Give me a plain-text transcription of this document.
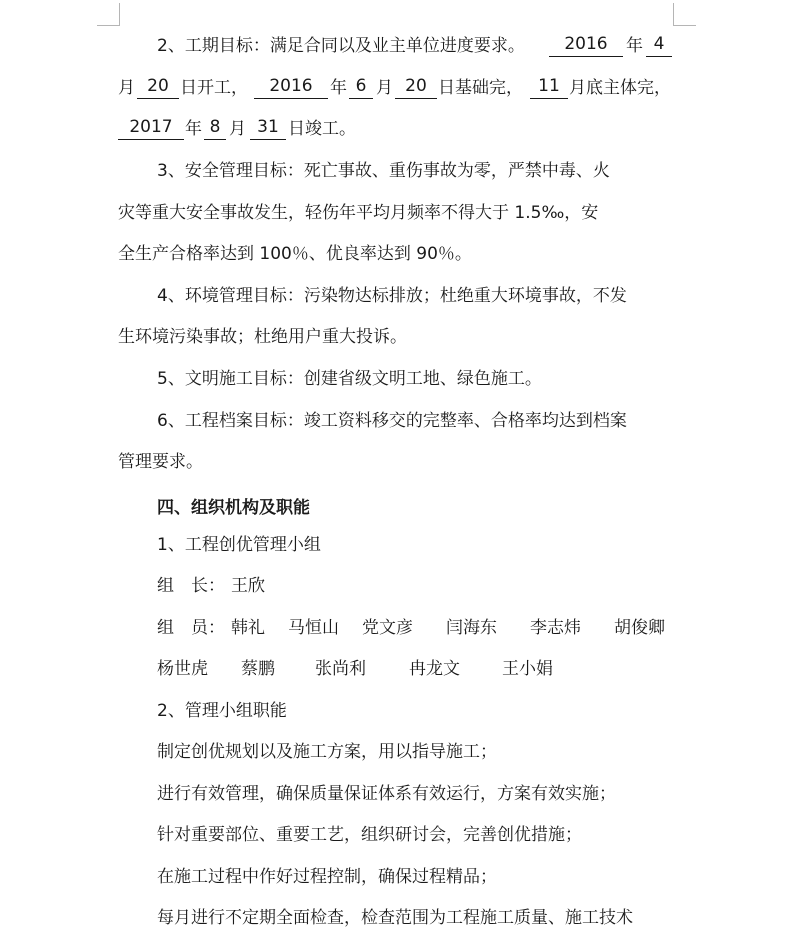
2、工期目标：满足合同以及业主单位进度要求。	2016	年 4
月 20 日开工，	2016	年 6 月 20 日基础完， 11 月底主体完，
2017 年 8 月 31 日竣工。
3、安全管理目标：死亡事故、重伤事故为零，严禁中毒、火
灾等重大安全事故发生，轻伤年平均月频率不得大于 1.5‰，安
全生产合格率达到 100％、优良率达到 90％。
4、环境管理目标：污染物达标排放；杜绝重大环境事故，不发
生环境污染事故；杜绝用户重大投诉。
5、文明施工目标：创建省级文明工地、绿色施工。
6、工程档案目标：竣工资料移交的完整率、合格率均达到档案
管理要求。
四、组织机构及职能
1、工程创优管理小组
组　长： 王欣
组　员： 韩礼 马恒山 党文彦 闫海东 李志炜 胡俊卿
杨世虎 蔡鹏 张尚利	冉龙文 王小娟
2、管理小组职能
制定创优规划以及施工方案，用以指导施工；
进行有效管理，确保质量保证体系有效运行，方案有效实施；
针对重要部位、重要工艺，组织研讨会，完善创优措施；
在施工过程中作好过程控制，确保过程精品；
每月进行不定期全面检查，检查范围为工程施工质量、施工技术
